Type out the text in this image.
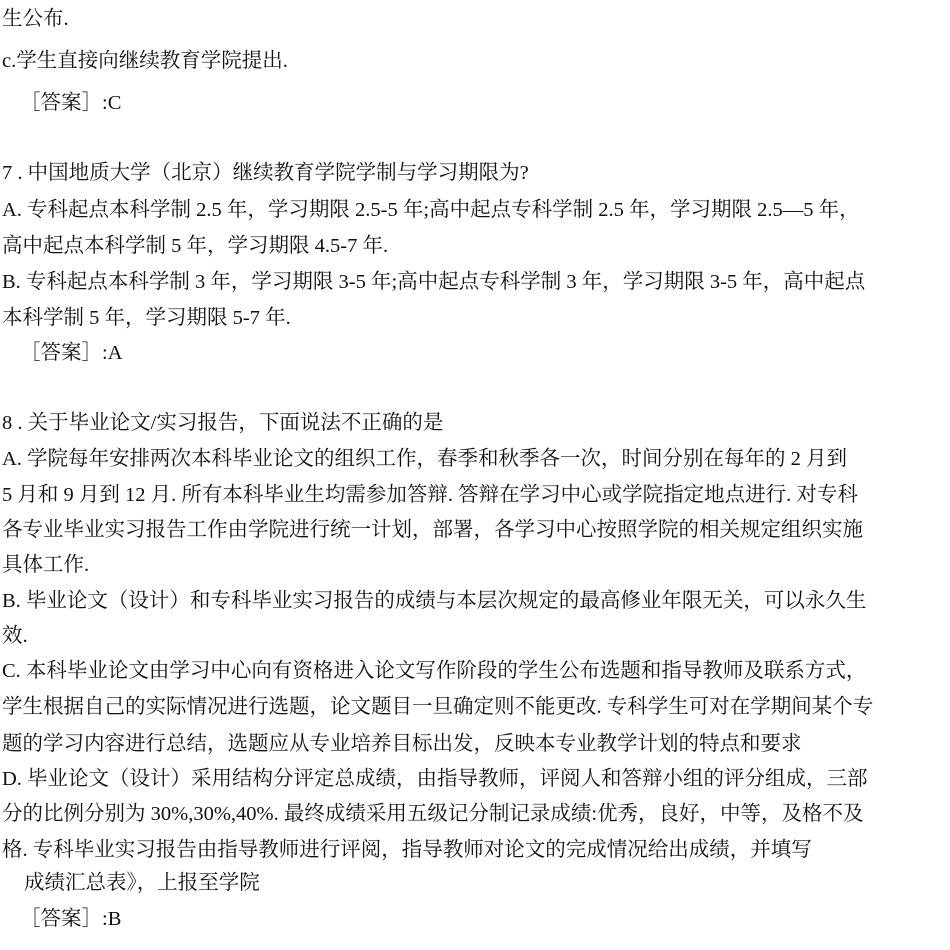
生公布.
c.学生直接向继续教育学院提出.
［答案］:C
7 . 中国地质大学（北京）继续教育学院学制与学习期限为?
A. 专科起点本科学制 2.5 年，学习期限 2.5-5 年;高中起点专科学制 2.5 年，学习期限 2.5—5 年，
高中起点本科学制 5 年，学习期限 4.5-7 年.
B. 专科起点本科学制 3 年，学习期限 3-5 年;高中起点专科学制 3 年，学习期限 3-5 年，高中起点
本科学制 5 年，学习期限 5-7 年.
［答案］:A
8 . 关于毕业论文/实习报告，下面说法不正确的是
A. 学院每年安排两次本科毕业论文的组织工作，春季和秋季各一次，时间分别在每年的 2 月到
5 月和 9 月到 12 月. 所有本科毕业生均需参加答辩. 答辩在学习中心或学院指定地点进行. 对专科
各专业毕业实习报告工作由学院进行统一计划，部署，各学习中心按照学院的相关规定组织实施
具体工作.
B. 毕业论文（设计）和专科毕业实习报告的成绩与本层次规定的最高修业年限无关，可以永久生
效.
C. 本科毕业论文由学习中心向有资格进入论文写作阶段的学生公布选题和指导教师及联系方式，
学生根据自己的实际情况进行选题，论文题目一旦确定则不能更改. 专科学生可对在学期间某个专
题的学习内容进行总结，选题应从专业培养目标出发，反映本专业教学计划的特点和要求
D. 毕业论文（设计）采用结构分评定总成绩，由指导教师，评阅人和答辩小组的评分组成，三部
分的比例分别为 30%,30%,40%. 最终成绩采用五级记分制记录成绩:优秀，良好，中等，及格不及
格. 专科毕业实习报告由指导教师进行评阅，指导教师对论文的完成情况给出成绩，并填写
成绩汇总表》，上报至学院
［答案］:B
